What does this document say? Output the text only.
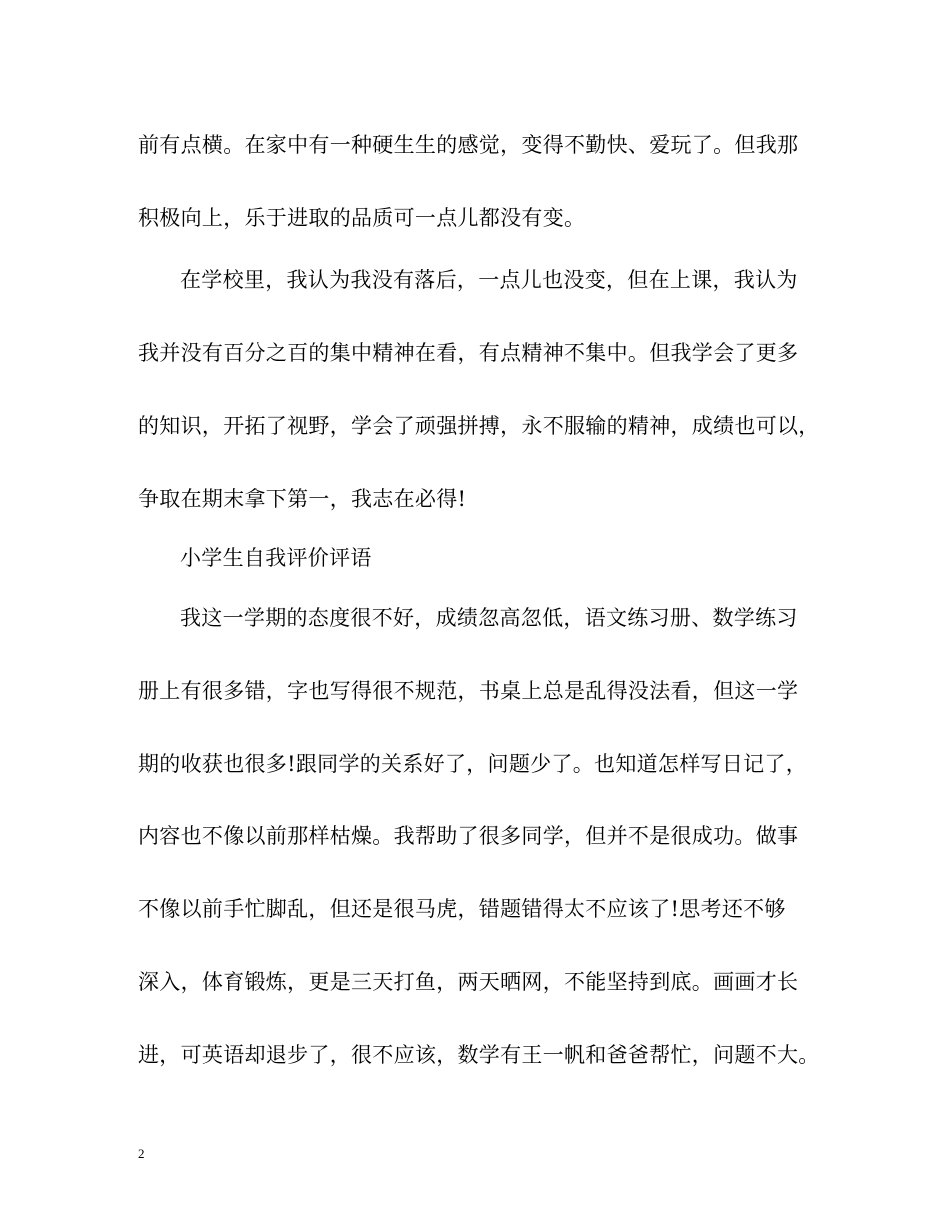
前有点横。在家中有一种硬生生的感觉，变得不勤快、爱玩了。但我那
积极向上，乐于进取的品质可一点儿都没有变。
在学校里，我认为我没有落后，一点儿也没变，但在上课，我认为
我并没有百分之百的集中精神在看，有点精神不集中。但我学会了更多
的知识，开拓了视野，学会了顽强拼搏，永不服输的精神，成绩也可以，
争取在期末拿下第一，我志在必得!
小学生自我评价评语
我这一学期的态度很不好，成绩忽高忽低，语文练习册、数学练习
册上有很多错，字也写得很不规范，书桌上总是乱得没法看，但这一学
期的收获也很多!跟同学的关系好了，问题少了。也知道怎样写日记了，
内容也不像以前那样枯燥。我帮助了很多同学，但并不是很成功。做事
不像以前手忙脚乱，但还是很马虎，错题错得太不应该了!思考还不够
深入，体育锻炼，更是三天打鱼，两天晒网，不能坚持到底。画画才长
进，可英语却退步了，很不应该，数学有王一帆和爸爸帮忙，问题不大。
2
